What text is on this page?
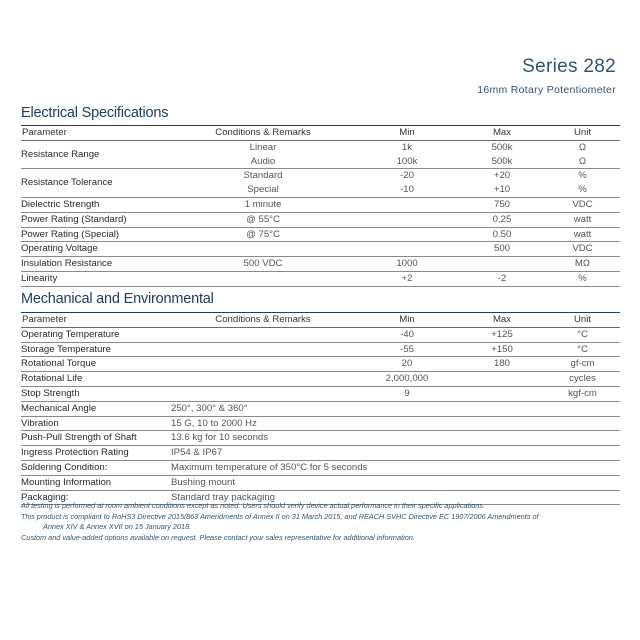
Series 282
16mm Rotary Potentiometer
Electrical Specifications
Parameter	Conditions & Remarks	Min	Max	Unit
Resistance Range	Linear	1k	500k	Ω
	Audio	100k	500k	Ω
Resistance Tolerance	Standard	-20	+20	%
	Special	-10	+10	%
Dielectric Strength	1 minute		750	VDC
Power Rating (Standard)	@ 55°C		0.25	watt
Power Rating (Special)	@ 75°C		0.50	watt
Operating Voltage			500	VDC
Insulation Resistance	500 VDC	1000		MΩ
Linearity		+2	-2	%
Mechanical and Environmental
Parameter	Conditions & Remarks	Min	Max	Unit
Operating Temperature		-40	+125	°C
Storage Temperature		-55	+150	°C
Rotational Torque		20	180	gf-cm
Rotational Life		2,000,000		cycles
Stop Strength		9		kgf-cm
Mechanical Angle	250°, 300° & 360°			
Vibration	15 G, 10 to 2000 Hz			
Push-Pull Strength of Shaft	13.6 kg for 10 seconds			
Ingress Protection Rating	IP54 & IP67			
Soldering Condition:	Maximum temperature of 350°C for 5 seconds			
Mounting Information	Bushing mount			
Packaging:	Standard tray packaging			
All testing is performed at room ambient conditions except as noted. Users should verify device actual performance in their specific applications.
This product is compliant to RoHS3 Directive 2015/863 Amendments of Annex II on 31 March 2015, and REACH SVHC Directive EC 1907/2006 Amendments of
Annex XIV & Annex XVII on 15 January 2018.
Custom and value-added options available on request. Please contact your sales representative for additional information.
